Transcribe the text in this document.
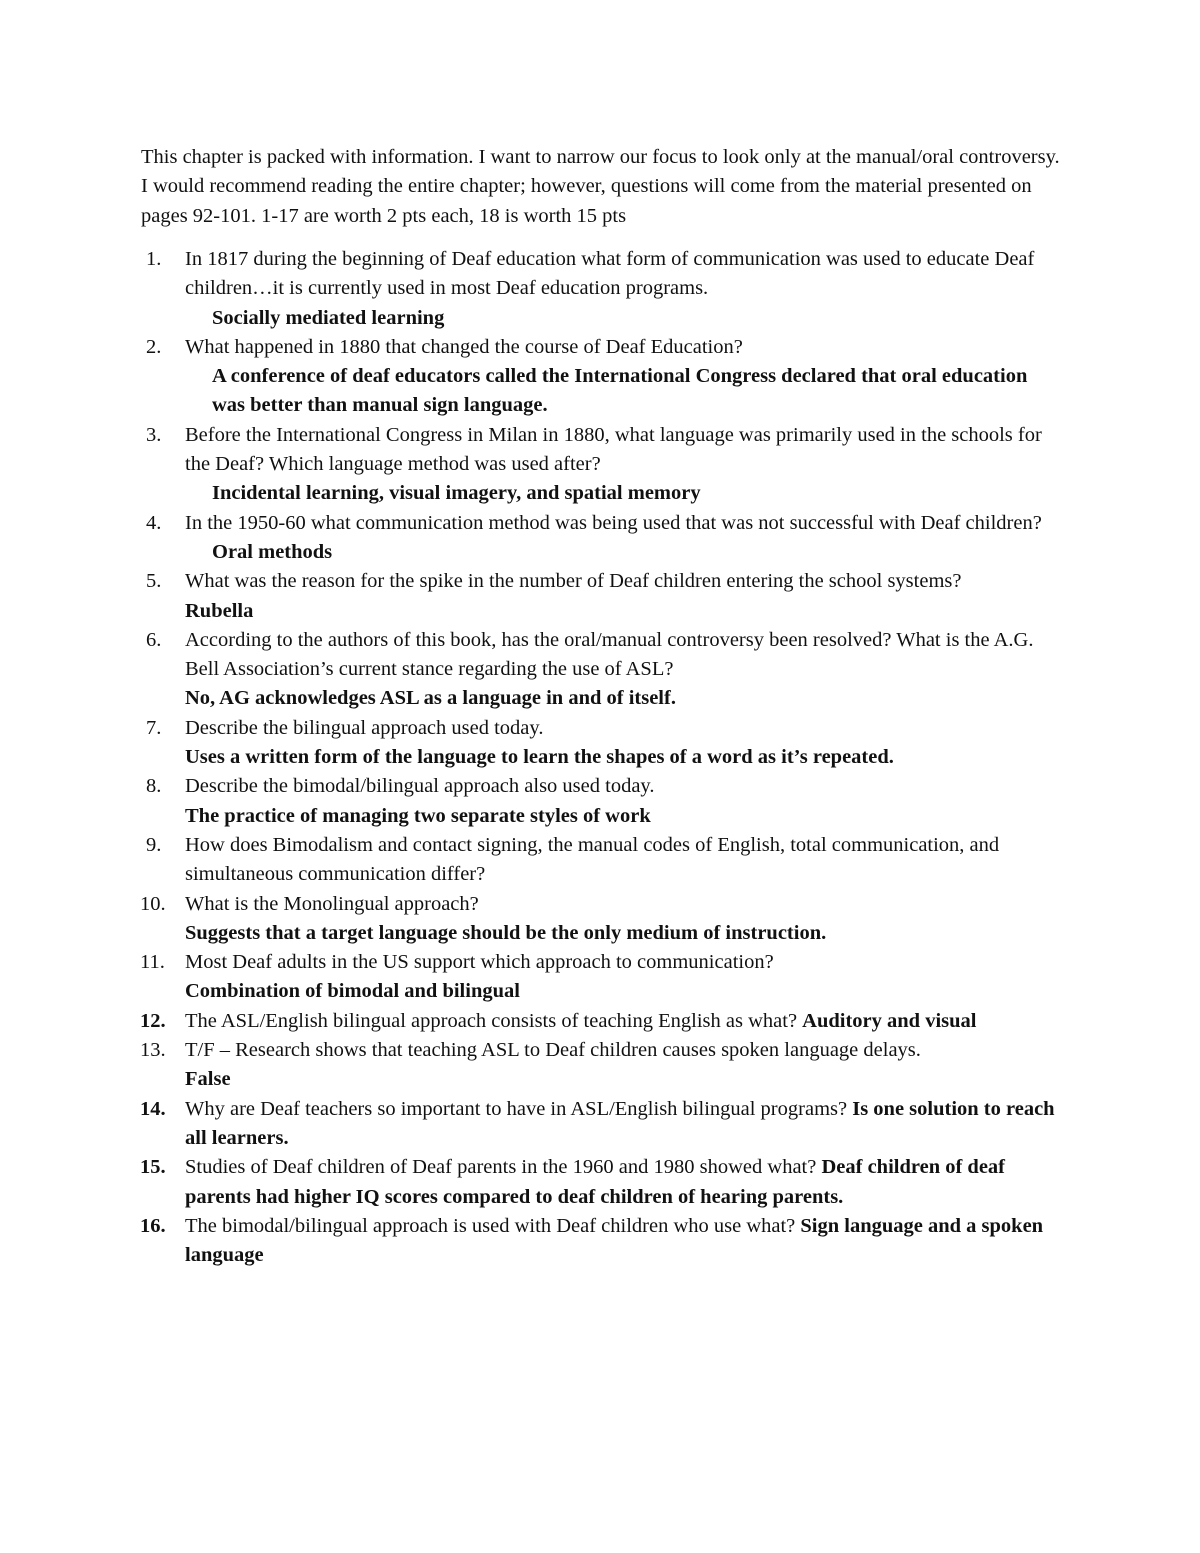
This chapter is packed with information. I want to narrow our focus to look only at the manual/oral controversy. I would recommend reading the entire chapter; however, questions will come from the material presented on pages 92-101. 1-17 are worth 2 pts each, 18 is worth 15 pts

1.	In 1817 during the beginning of Deaf education what form of communication was used to educate Deaf children…it is currently used in most Deaf education programs.
Socially mediated learning
2.	What happened in 1880 that changed the course of Deaf Education?
A conference of deaf educators called the International Congress declared that oral education was better than manual sign language.
3.	Before the International Congress in Milan in 1880, what language was primarily used in the schools for the Deaf? Which language method was used after?
Incidental learning, visual imagery, and spatial memory
4.	In the 1950-60 what communication method was being used that was not successful with Deaf children?
Oral methods
5.	What was the reason for the spike in the number of Deaf children entering the school systems?
Rubella
6.	According to the authors of this book, has the oral/manual controversy been resolved? What is the A.G. Bell Association’s current stance regarding the use of ASL?
No, AG acknowledges ASL as a language in and of itself.
7.	Describe the bilingual approach used today.
Uses a written form of the language to learn the shapes of a word as it’s repeated.
8.	Describe the bimodal/bilingual approach also used today.
The practice of managing two separate styles of work
9.	How does Bimodalism and contact signing, the manual codes of English, total communication, and simultaneous communication differ?
10. What is the Monolingual approach?
Suggests that a target language should be the only medium of instruction.
11. Most Deaf adults in the US support which approach to communication?
Combination of bimodal and bilingual
12. The ASL/English bilingual approach consists of teaching English as what? Auditory and visual
13. T/F – Research shows that teaching ASL to Deaf children causes spoken language delays.
False
14. Why are Deaf teachers so important to have in ASL/English bilingual programs? Is one solution to reach all learners.
15. Studies of Deaf children of Deaf parents in the 1960 and 1980 showed what? Deaf children of deaf parents had higher IQ scores compared to deaf children of hearing parents.
16. The bimodal/bilingual approach is used with Deaf children who use what? Sign language and a spoken language
